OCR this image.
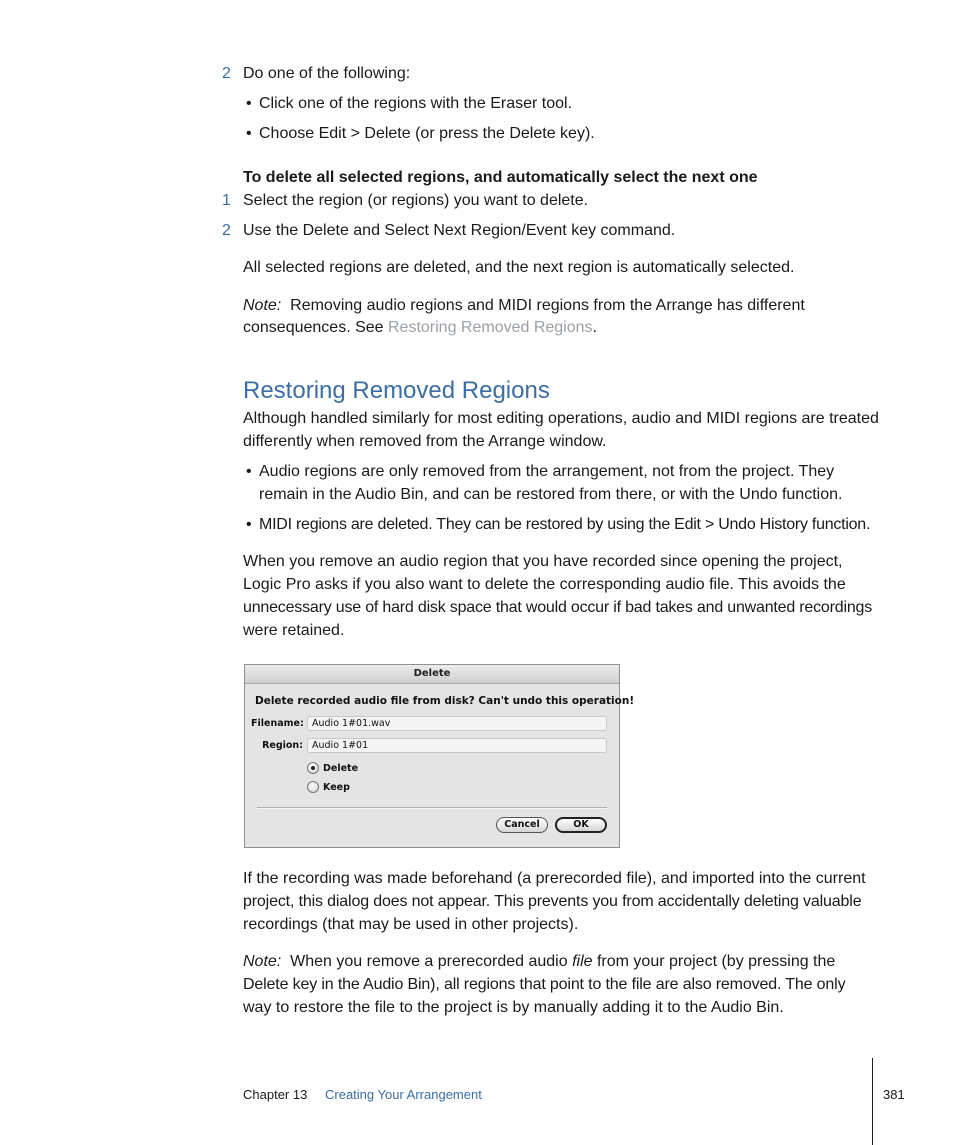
2 Do one of the following:
• Click one of the regions with the Eraser tool.
• Choose Edit > Delete (or press the Delete key).
To delete all selected regions, and automatically select the next one
1 Select the region (or regions) you want to delete.
2 Use the Delete and Select Next Region/Event key command.
All selected regions are deleted, and the next region is automatically selected.
Note: Removing audio regions and MIDI regions from the Arrange has different
consequences. See Restoring Removed Regions.
Restoring Removed Regions
Although handled similarly for most editing operations, audio and MIDI regions are treated
differently when removed from the Arrange window.
• Audio regions are only removed from the arrangement, not from the project. They
remain in the Audio Bin, and can be restored from there, or with the Undo function.
• MIDI regions are deleted. They can be restored by using the Edit > Undo History function.
When you remove an audio region that you have recorded since opening the project,
Logic Pro asks if you also want to delete the corresponding audio file. This avoids the
unnecessary use of hard disk space that would occur if bad takes and unwanted recordings
were retained.
Delete
Delete recorded audio file from disk? Can't undo this operation!
Filename: Audio 1#01.wav
Region: Audio 1#01
Delete
Keep
Cancel	OK
If the recording was made beforehand (a prerecorded file), and imported into the current
project, this dialog does not appear. This prevents you from accidentally deleting valuable
recordings (that may be used in other projects).
Note: When you remove a prerecorded audio file from your project (by pressing the
Delete key in the Audio Bin), all regions that point to the file are also removed. The only
way to restore the file to the project is by manually adding it to the Audio Bin.
Chapter 13 Creating Your Arrangement	381
